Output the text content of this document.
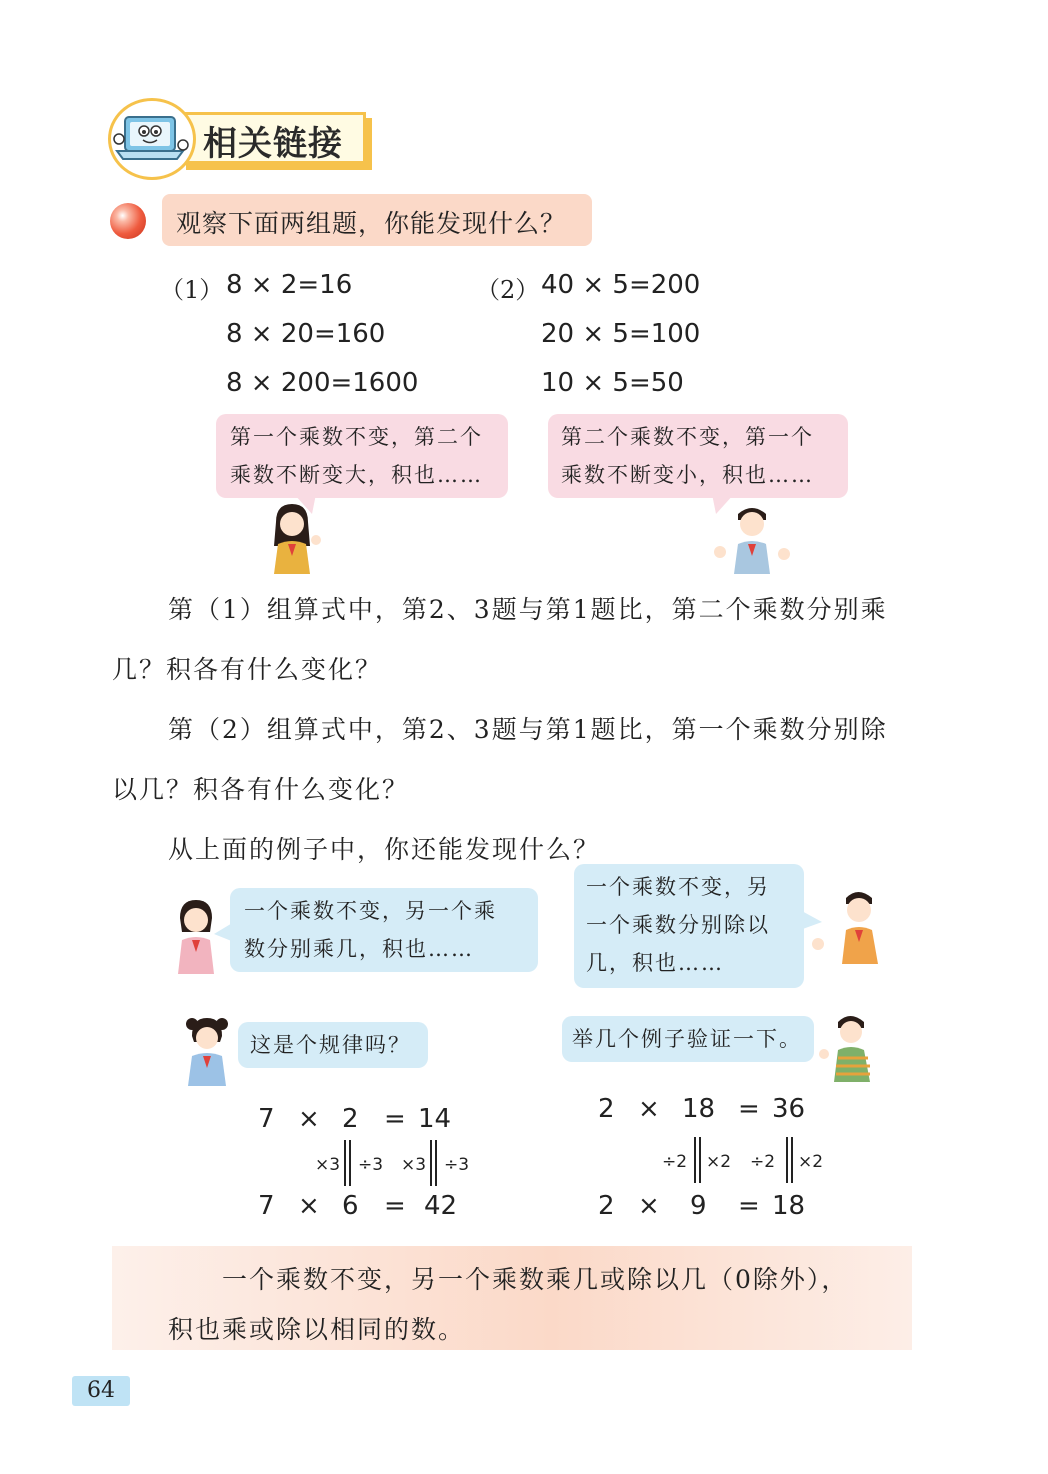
相关链接
观察下面两组题，你能发现什么？
（1） 8 × 2=16
8 × 20=160
8 × 200=1600
（2） 40 × 5=200
20 × 5=100
10 × 5=50
第一个乘数不变，第二个
乘数不断变大，积也……
第二个乘数不变，第一个
乘数不断变小，积也……
第（1）组算式中，第2、3题与第1题比，第二个乘数分别乘
几？积各有什么变化？
第（2）组算式中，第2、3题与第1题比，第一个乘数分别除
以几？积各有什么变化？
从上面的例子中，你还能发现什么？
一个乘数不变，另一个乘
数分别乘几，积也……
一个乘数不变，另
一个乘数分别除以
几，积也……
这是个规律吗？	举几个例子验证一下。
7 × 2 = 14
×3 ÷3 ×3 ÷3
7 × 6 = 42
2 × 18 = 36
÷2 ×2 ÷2 ×2
2 × 9 = 18
一个乘数不变，另一个乘数乘几或除以几（0除外），
积也乘或除以相同的数。
64
